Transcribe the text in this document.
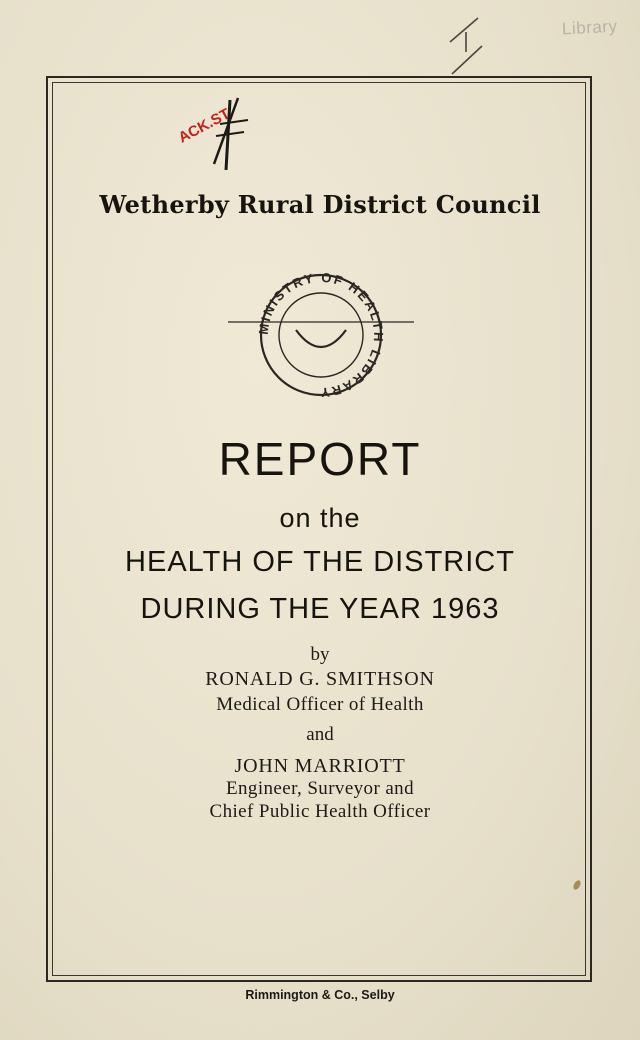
Library
ACK.ST.
Wetherby Rural District Council
MINISTRY OF HEALTH LIBRARY
REPORT
on the
HEALTH OF THE DISTRICT
DURING THE YEAR 1963
by
RONALD G. SMITHSON
Medical Officer of Health
and
JOHN MARRIOTT
Engineer, Surveyor and
Chief Public Health Officer
Rimmington & Co., Selby
